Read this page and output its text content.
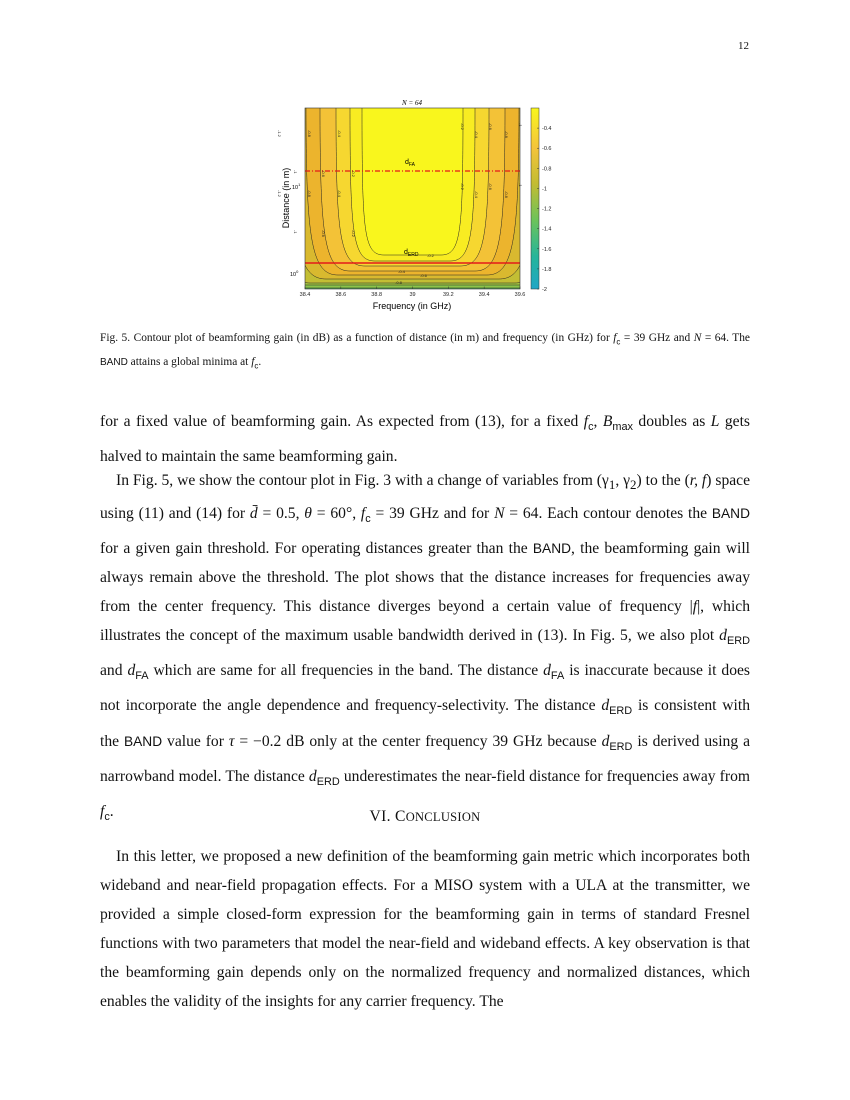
12
N = 64
$d_{FA}$
$d_{ERD}$
-1.2
-1.2
-1
-1
-0.8
-0.8
-0.6
-0.6
-0.4
-0.4
-0.2
-0.2
-0.2
-0.2
-0.4
-0.4
-0.6
-0.6
-0.8
-0.8
-1
-1
-0.2
-0.4
-0.6
-0.8
38.4	38.6	38.8	39	39.2	39.4	39.6
$10^0$
$10^1$
Frequency (in GHz)
Distance (in m)
-0.4
-0.6
-0.8
-1
-1.2
-1.4
-1.6
-1.8
-2
Fig. 5. Contour plot of beamforming gain (in dB) as a function of distance (in m) and frequency (in GHz) for $f_c = 39$ GHz and N = 64. The BAND attains a global minima at $f_c$.

for a fixed value of beamforming gain. As expected from (13), for a fixed $f_c$, $B_{max}$ doubles as L gets halved to maintain the same beamforming gain.

In Fig. 5, we show the contour plot in Fig. 3 with a change of variables from ($\gamma_1$, $\gamma_2$) to the (r, f) space using (11) and (14) for d̄ = 0.5, θ = 60°, $f_c = 39$ GHz and for N = 64. Each contour denotes the BAND for a given gain threshold. For operating distances greater than the BAND, the beamforming gain will always remain above the threshold. The plot shows that the distance increases for frequencies away from the center frequency. This distance diverges beyond a certain value of frequency |f|, which illustrates the concept of the maximum usable bandwidth derived in (13). In Fig. 5, we also plot $d_{ERD}$ and $d_{FA}$ which are same for all frequencies in the band. The distance $d_{FA}$ is inaccurate because it does not incorporate the angle dependence and frequency-selectivity. The distance $d_{ERD}$ is consistent with the BAND value for τ = −0.2 dB only at the center frequency 39 GHz because $d_{ERD}$ is derived using a narrowband model. The distance $d_{ERD}$ underestimates the near-field distance for frequencies away from $f_c$.	VI. CONCLUSION

In this letter, we proposed a new definition of the beamforming gain metric which incorporates both wideband and near-field propagation effects. For a MISO system with a ULA at the transmitter, we provided a simple closed-form expression for the beamforming gain in terms of standard Fresnel functions with two parameters that model the near-field and wideband effects. A key observation is that the beamforming gain depends only on the normalized frequency and normalized distances, which enables the validity of the insights for any carrier frequency. The
